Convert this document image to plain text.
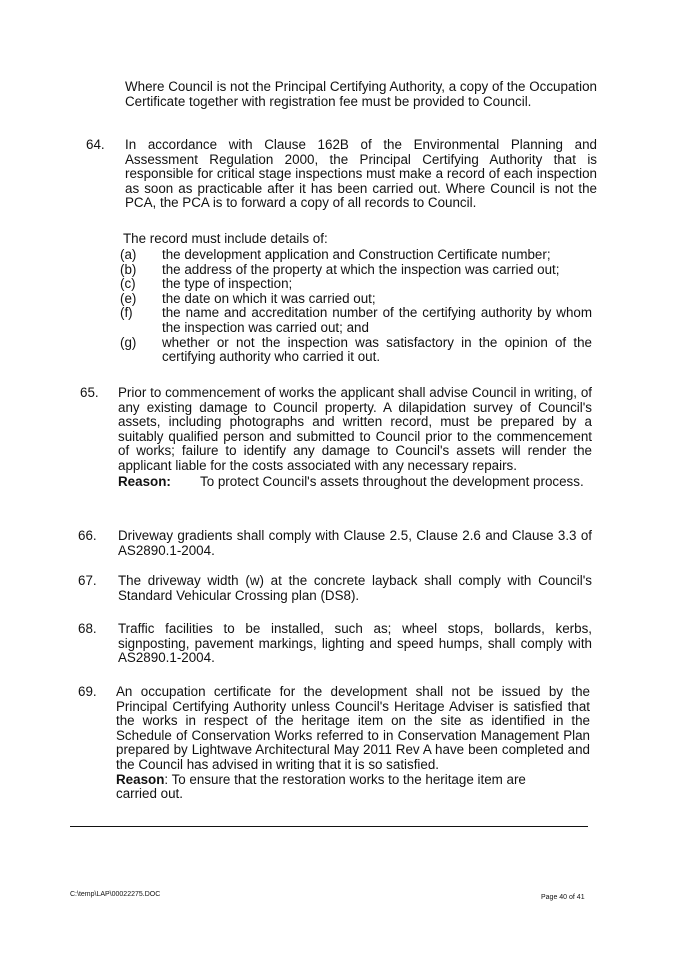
Where Council is not the Principal Certifying Authority, a copy of the Occupation Certificate together with registration fee must be provided to Council.
64. In accordance with Clause 162B of the Environmental Planning and Assessment Regulation 2000, the Principal Certifying Authority that is responsible for critical stage inspections must make a record of each inspection as soon as practicable after it has been carried out. Where Council is not the PCA, the PCA is to forward a copy of all records to Council.
The record must include details of:
(a)	the development application and Construction Certificate number;
(b)	the address of the property at which the inspection was carried out;
(c)	the type of inspection;
(e)	the date on which it was carried out;
(f)	the name and accreditation number of the certifying authority by whom the inspection was carried out; and
(g)	whether or not the inspection was satisfactory in the opinion of the certifying authority who carried it out.
65. Prior to commencement of works the applicant shall advise Council in writing, of any existing damage to Council property. A dilapidation survey of Council's assets, including photographs and written record, must be prepared by a suitably qualified person and submitted to Council prior to the commencement of works; failure to identify any damage to Council's assets will render the applicant liable for the costs associated with any necessary repairs.
Reason:	To protect Council's assets throughout the development process.
66. Driveway gradients shall comply with Clause 2.5, Clause 2.6 and Clause 3.3 of AS2890.1-2004.
67. The driveway width (w) at the concrete layback shall comply with Council's Standard Vehicular Crossing plan (DS8).
68. Traffic facilities to be installed, such as; wheel stops, bollards, kerbs, signposting, pavement markings, lighting and speed humps, shall comply with AS2890.1-2004.
69. An occupation certificate for the development shall not be issued by the Principal Certifying Authority unless Council's Heritage Adviser is satisfied that the works in respect of the heritage item on the site as identified in the Schedule of Conservation Works referred to in Conservation Management Plan prepared by Lightwave Architectural May 2011 Rev A have been completed and the Council has advised in writing that it is so satisfied.
Reason: To ensure that the restoration works to the heritage item are carried out.
C:\temp\LAP\00022275.DOC	Page 40 of 41
